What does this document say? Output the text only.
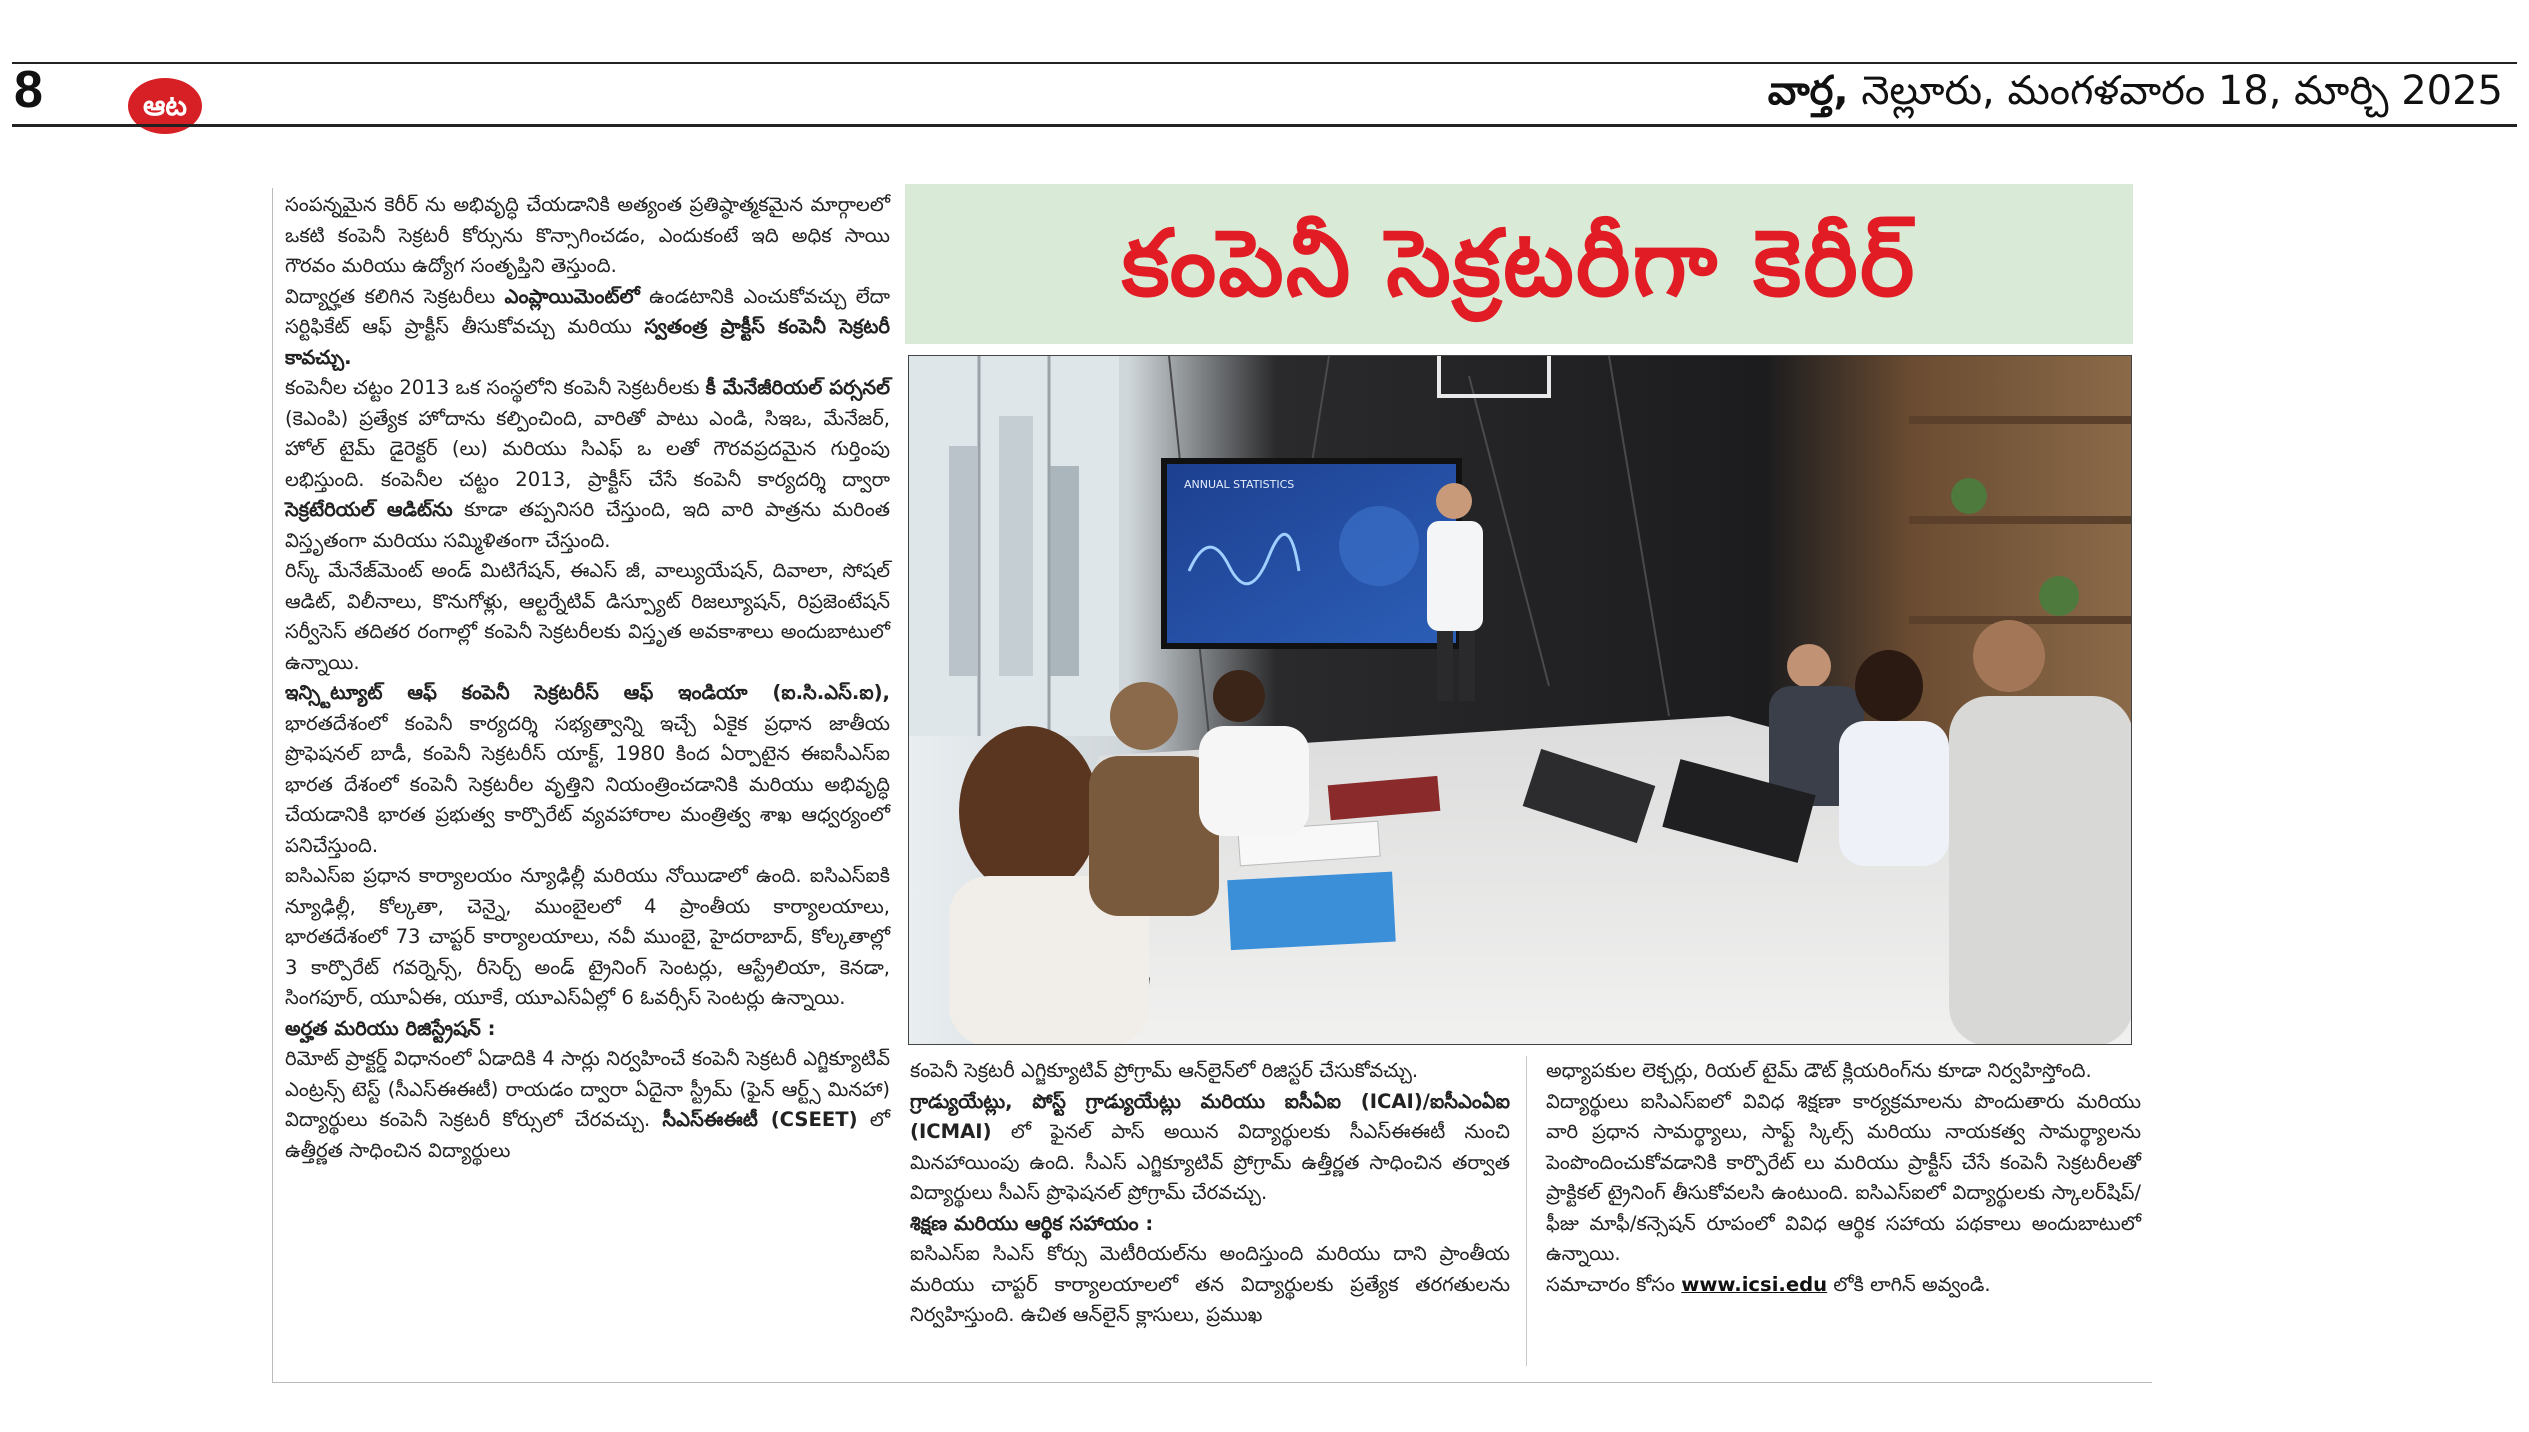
8	ఆట	వార్త, నెల్లూరు, మంగళవారం 18, మార్చి 2025
కంపెనీ సెక్రటరీగా కెరీర్
ANNUAL STATISTICS

సంపన్నమైన కెరీర్ ను అభివృద్ధి చేయడానికి అత్యంత ప్రతిష్ఠాత్మకమైన మార్గాలలో ఒకటి కంపెనీ సెక్రటరీ కోర్సును కొన్సాగించడం, ఎందుకంటే ఇది అధిక సాయి గౌరవం మరియు ఉద్యోగ సంతృప్తిని తెస్తుంది.

విద్యార్హత కలిగిన సెక్రటరీలు ఎంప్లాయిమెంట్‌లో ఉండటానికి ఎంచుకోవచ్చు లేదా సర్టిఫికేట్ ఆఫ్ ప్రాక్టీస్ తీసుకోవచ్చు మరియు స్వతంత్ర ప్రాక్టీస్ కంపెనీ సెక్రటరీ కావచ్చు.

కంపెనీల చట్టం 2013 ఒక సంస్థలోని కంపెనీ సెక్రటరీలకు కీ మేనేజీరియల్ పర్సనల్ (కెఎంపి) ప్రత్యేక హోదాను కల్పించింది, వారితో పాటు ఎండి, సిఇఒ, మేనేజర్, హోల్ టైమ్ డైరెక్టర్ (లు) మరియు సిఎఫ్ ఒ లతో గౌరవప్రదమైన గుర్తింపు లభిస్తుంది. కంపెనీల చట్టం 2013, ప్రాక్టీస్ చేసే కంపెనీ కార్యదర్శి ద్వారా సెక్రటేరియల్ ఆడిట్‌ను కూడా తప్పనిసరి చేస్తుంది, ఇది వారి పాత్రను మరింత విస్తృతంగా మరియు సమ్మిళితంగా చేస్తుంది.

రిస్క్ మేనేజ్‌మెంట్ అండ్ మిటిగేషన్, ఈఎస్ జీ, వాల్యుయేషన్, దివాలా, సోషల్ ఆడిట్, విలీనాలు, కొనుగోళ్లు, ఆల్టర్నేటివ్ డిస్ప్యూట్ రిజల్యూషన్, రిప్రజెంటేషన్ సర్వీసెస్ తదితర రంగాల్లో కంపెనీ సెక్రటరీలకు విస్తృత అవకాశాలు అందుబాటులో ఉన్నాయి.

ఇన్స్టిట్యూట్ ఆఫ్ కంపెనీ సెక్రటరీస్ ఆఫ్ ఇండియా (ఐ.సి.ఎస్.ఐ), భారతదేశంలో కంపెనీ కార్యదర్శి సభ్యత్వాన్ని ఇచ్చే ఏకైక ప్రధాన జాతీయ ప్రొఫెషనల్ బాడీ, కంపెనీ సెక్రటరీస్ యాక్ట్, 1980 కింద ఏర్పాటైన ఈఐసీఎస్ఐ భారత దేశంలో కంపెనీ సెక్రటరీల వృత్తిని నియంత్రించడానికి మరియు అభివృద్ధి చేయడానికి భారత ప్రభుత్వ కార్పొరేట్ వ్యవహారాల మంత్రిత్వ శాఖ ఆధ్వర్యంలో పనిచేస్తుంది.

ఐసిఎస్ఐ ప్రధాన కార్యాలయం న్యూఢిల్లీ మరియు నోయిడాలో ఉంది. ఐసిఎస్ఐకి న్యూఢిల్లీ, కోల్కతా, చెన్నై, ముంబైలలో 4 ప్రాంతీయ కార్యాలయాలు, భారతదేశంలో 73 చాప్టర్ కార్యాలయాలు, నవీ ముంబై, హైదరాబాద్, కోల్కతాల్లో 3 కార్పొరేట్ గవర్నెన్స్, రీసెర్చ్ అండ్ ట్రైనింగ్ సెంటర్లు, ఆస్ట్రేలియా, కెనడా, సింగపూర్, యూఏఈ, యూకే, యూఎస్ఏల్లో 6 ఓవర్సీస్ సెంటర్లు ఉన్నాయి.

అర్హత మరియు రిజిస్ట్రేషన్ :

రిమోట్ ప్రాక్టర్డ్ విధానంలో ఏడాదికి 4 సార్లు నిర్వహించే కంపెనీ సెక్రటరీ ఎగ్జిక్యూటివ్ ఎంట్రన్స్ టెస్ట్ (సీఎస్ఈఈటీ) రాయడం ద్వారా ఏదైనా స్ట్రీమ్ (ఫైన్ ఆర్ట్స్ మినహా) విద్యార్థులు కంపెనీ సెక్రటరీ కోర్సులో చేరవచ్చు. సీఎస్ఈఈటీ (CSEET) లో ఉత్తీర్ణత సాధించిన విద్యార్థులు

కంపెనీ సెక్రటరీ ఎగ్జిక్యూటివ్ ప్రోగ్రామ్ ఆన్‌లైన్‌లో రిజిస్టర్ చేసుకోవచ్చు.

గ్రాడ్యుయేట్లు, పోస్ట్ గ్రాడ్యుయేట్లు మరియు ఐసీఏఐ (ICAI)/ఐసీఎంఏఐ (ICMAI) లో ఫైనల్ పాస్ అయిన విద్యార్థులకు సీఎస్ఈఈటీ నుంచి మినహాయింపు ఉంది. సీఎస్ ఎగ్జిక్యూటివ్ ప్రోగ్రామ్ ఉత్తీర్ణత సాధించిన తర్వాత విద్యార్థులు సీఎస్ ప్రొఫెషనల్ ప్రోగ్రామ్ చేరవచ్చు.

శిక్షణ మరియు ఆర్థిక సహాయం :

ఐసిఎస్ఐ సిఎస్ కోర్సు మెటీరియల్‌ను అందిస్తుంది మరియు దాని ప్రాంతీయ మరియు చాప్టర్ కార్యాలయాలలో తన విద్యార్థులకు ప్రత్యేక తరగతులను నిర్వహిస్తుంది. ఉచిత ఆన్‌లైన్ క్లాసులు, ప్రముఖ

అధ్యాపకుల లెక్చర్లు, రియల్ టైమ్ డౌట్ క్లియరింగ్‌ను కూడా నిర్వహిస్తోంది.

విద్యార్థులు ఐసిఎస్ఐలో వివిధ శిక్షణా కార్యక్రమాలను పొందుతారు మరియు వారి ప్రధాన సామర్థ్యాలు, సాఫ్ట్ స్కిల్స్ మరియు నాయకత్వ సామర్థ్యాలను పెంపొందించుకోవడానికి కార్పొరేట్ లు మరియు ప్రాక్టీస్ చేసే కంపెనీ సెక్రటరీలతో ప్రాక్టికల్ ట్రైనింగ్ తీసుకోవలసి ఉంటుంది. ఐసిఎస్ఐలో విద్యార్థులకు స్కాలర్‌షిప్‌/ఫీజు మాఫీ/కన్సెషన్ రూపంలో వివిధ ఆర్థిక సహాయ పథకాలు అందుబాటులో ఉన్నాయి.

సమాచారం కోసం www.icsi.edu లోకి లాగిన్ అవ్వండి.
